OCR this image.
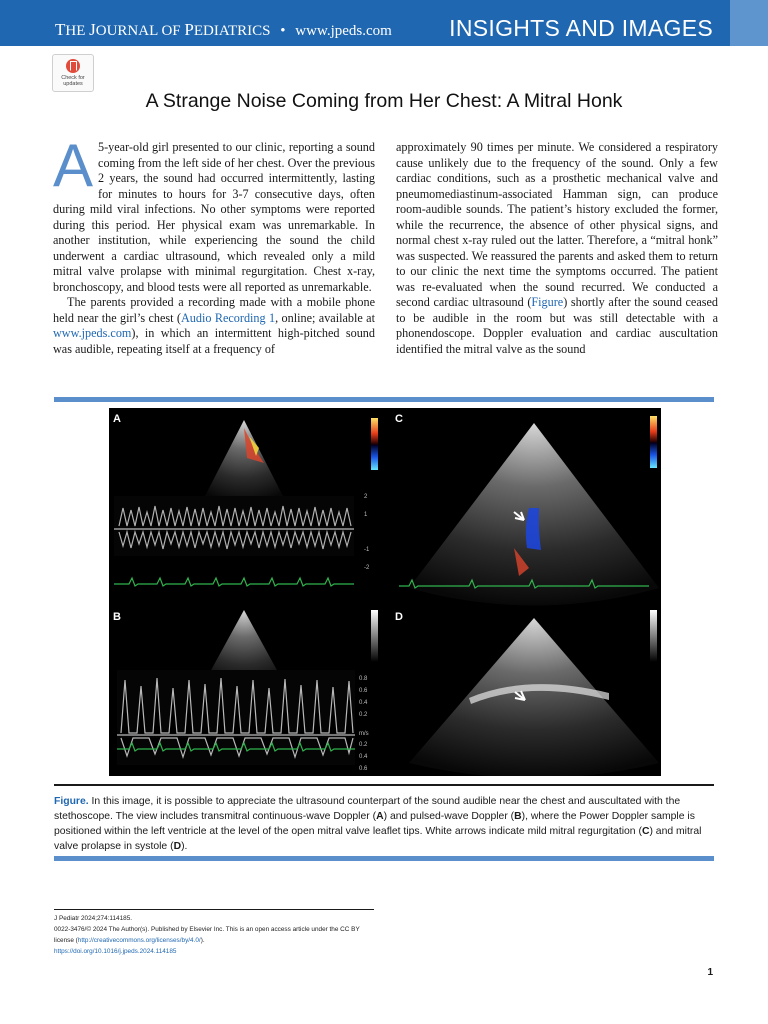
THE JOURNAL OF PEDIATRICS • www.jpeds.com INSIGHTS AND IMAGES
Check for
updates
A Strange Noise Coming from Her Chest: A Mitral Honk

A 5-year-old girl presented to our clinic, reporting a sound coming from the left side of her chest. Over the previous 2 years, the sound had occurred intermittently, lasting for minutes to hours for 3-7 consecutive days, often during mild viral infections. No other symptoms were reported during this period. Her physical exam was unremarkable. In another institution, while experiencing the sound the child underwent a cardiac ultrasound, which revealed only a mild mitral valve prolapse with minimal regurgitation. Chest x-ray, bronchoscopy, and blood tests were all reported as unremarkable.

The parents provided a recording made with a mobile phone held near the girl’s chest (Audio Recording 1, online; available at www.jpeds.com), in which an intermittent high-pitched sound was audible, repeating itself at a frequency of

approximately 90 times per minute. We considered a respiratory cause unlikely due to the frequency of the sound. Only a few cardiac conditions, such as a prosthetic mechanical valve and pneumomediastinum-associated Hamman sign, can produce room-audible sounds. The patient’s history excluded the former, while the recurrence, the absence of other physical signs, and normal chest x-ray ruled out the latter. Therefore, a “mitral honk” was suspected. We reassured the parents and asked them to return to our clinic the next time the symptoms occurred. The patient was re-evaluated when the sound recurred. We conducted a second cardiac ultrasound (Figure) shortly after the sound ceased to be audible in the room but was still detectable with a phonendoscope. Doppler evaluation and cardiac auscultation identified the mitral valve as the sound

2
1
-1
-2
0.8
0.6
0.4
0.2
m/s
0.2
0.4
0.6
A
B
C
D
Figure. In this image, it is possible to appreciate the ultrasound counterpart of the sound audible near the chest and auscultated with the stethoscope. The view includes transmitral continuous-wave Doppler (A) and pulsed-wave Doppler (B), where the Power Doppler sample is positioned within the left ventricle at the level of the open mitral valve leaflet tips. White arrows indicate mild mitral regurgitation (C) and mitral valve prolapse in systole (D).
J Pediatr 2024;274:114185.
0022-3476/© 2024 The Author(s). Published by Elsevier Inc. This is an open access article under the CC BY
license (http://creativecommons.org/licenses/by/4.0/).
https://doi.org/10.1016/j.jpeds.2024.114185
1
